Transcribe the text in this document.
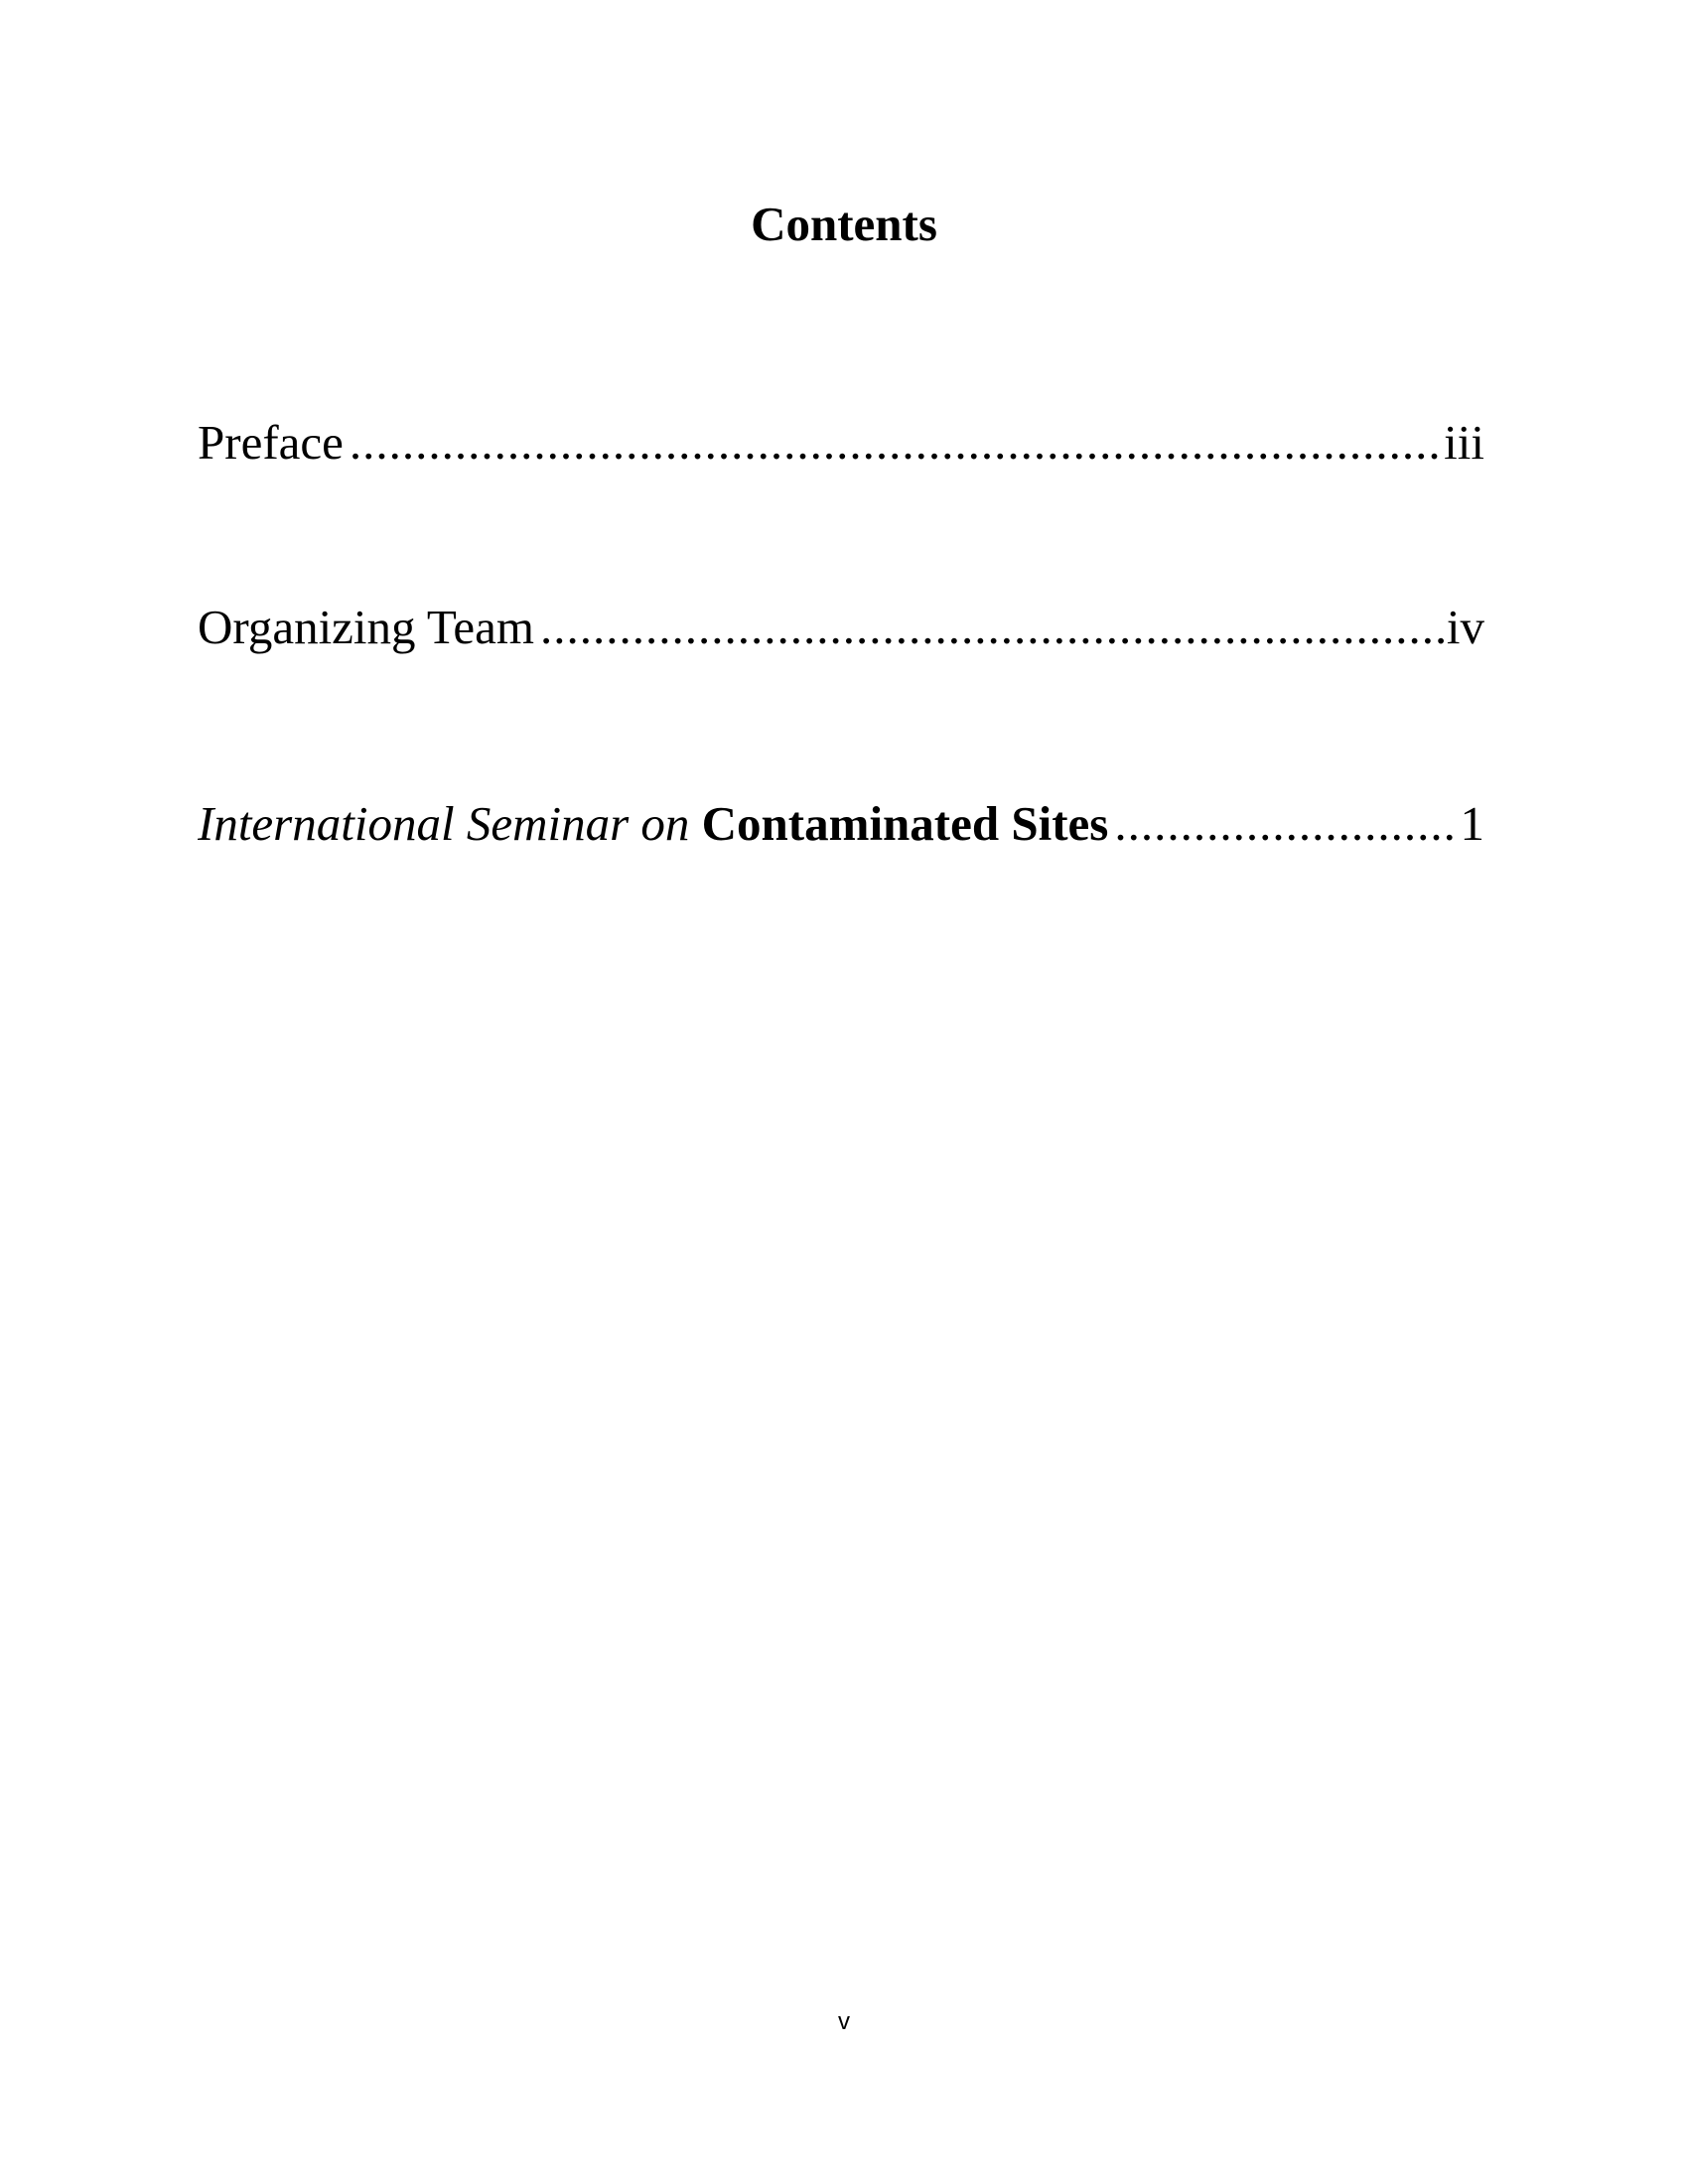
Contents
Preface .....	iii
Organizing Team .....	iv
International Seminar on Contaminated Sites .....	1
v
